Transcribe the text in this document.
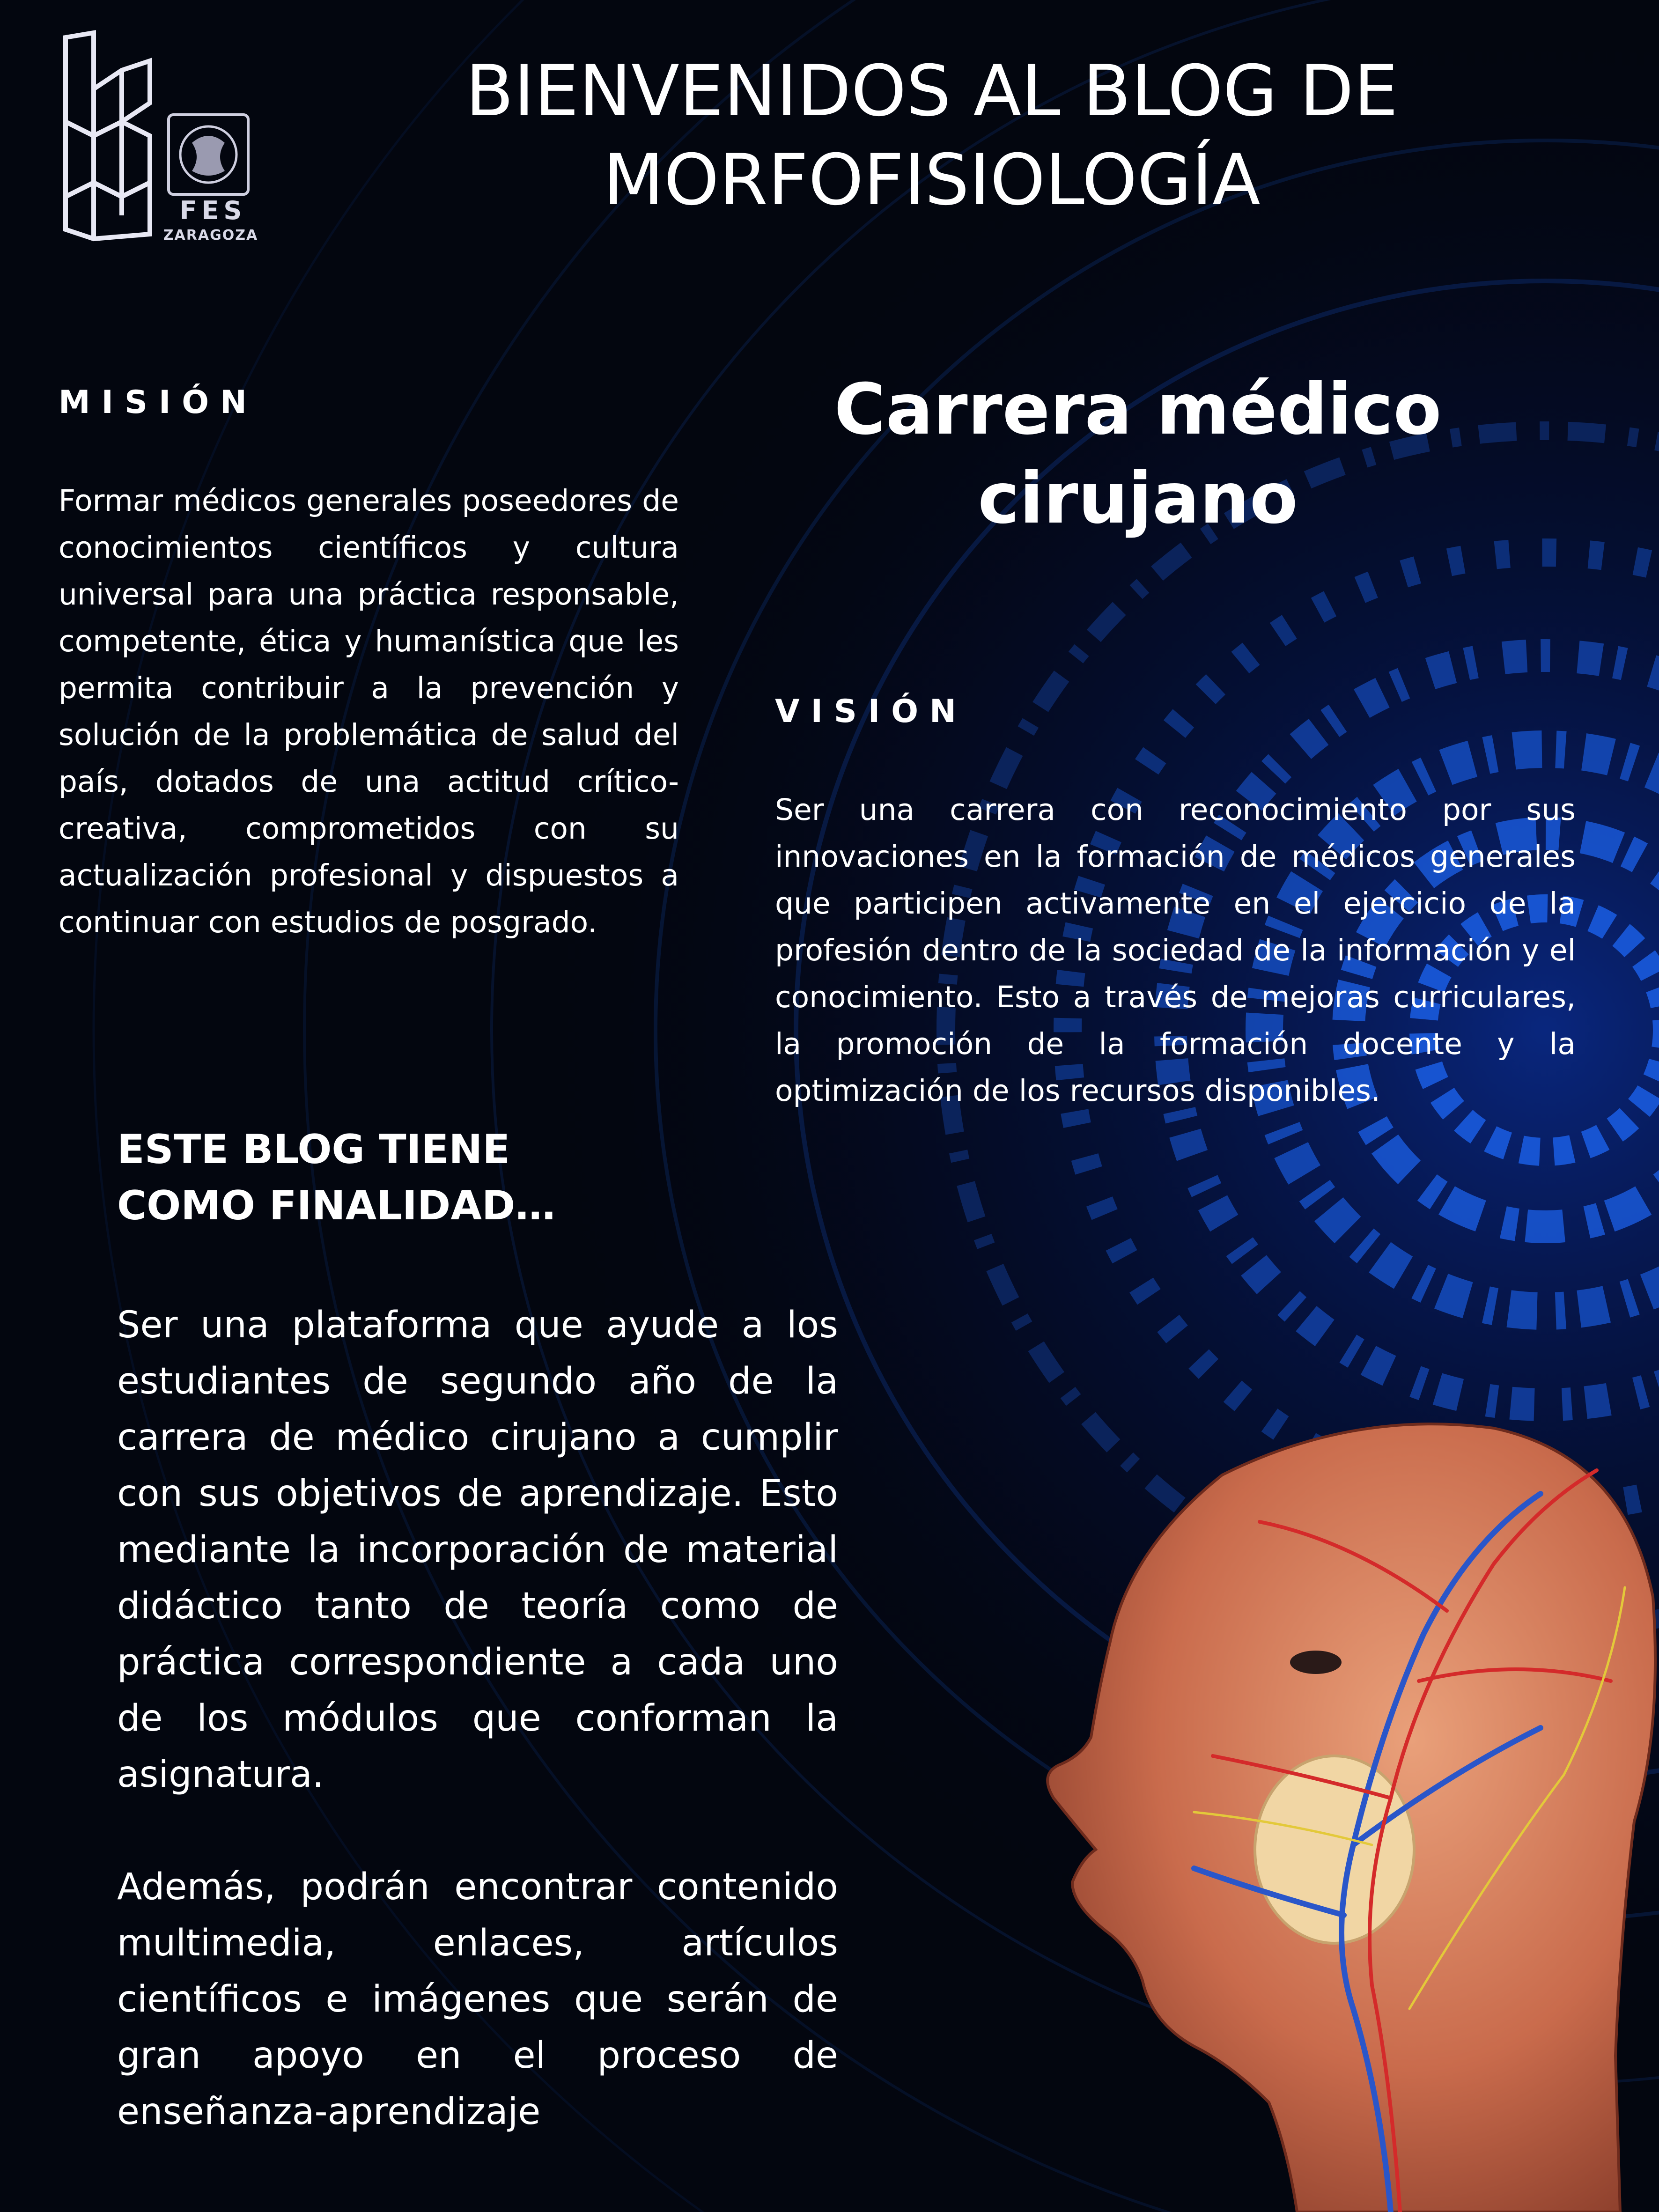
FES
ZARAGOZA
BIENVENIDOS AL BLOG DE MORFOFISIOLOGÍA
MISIÓN

Formar médicos generales poseedores de conocimientos científicos y cultura universal para una práctica responsable, competente, ética y humanística que les permita contribuir a la prevención y solución de la problemática de salud del país, dotados de una actitud crítico-creativa, comprometidos con su actualización profesional y dispuestos a continuar con estudios de posgrado.

Carrera médico cirujano
VISIÓN

Ser una carrera con reconocimiento por sus innovaciones en la formación de médicos generales que participen activamente en el ejercicio de la profesión dentro de la sociedad de la información y el conocimiento. Esto a través de mejoras curriculares, la promoción de la formación docente y la optimización de los recursos disponibles.

ESTE BLOG TIENE COMO FINALIDAD…

Ser una plataforma que ayude a los estudiantes de segundo año de la carrera de médico cirujano a cumplir con sus objetivos de aprendizaje. Esto mediante la incorporación de material didáctico tanto de teoría como de práctica correspondiente a cada uno de los módulos que conforman la asignatura.

Además, podrán encontrar contenido multimedia, enlaces, artículos científicos e imágenes que serán de gran apoyo en el proceso de enseñanza-aprendizaje
